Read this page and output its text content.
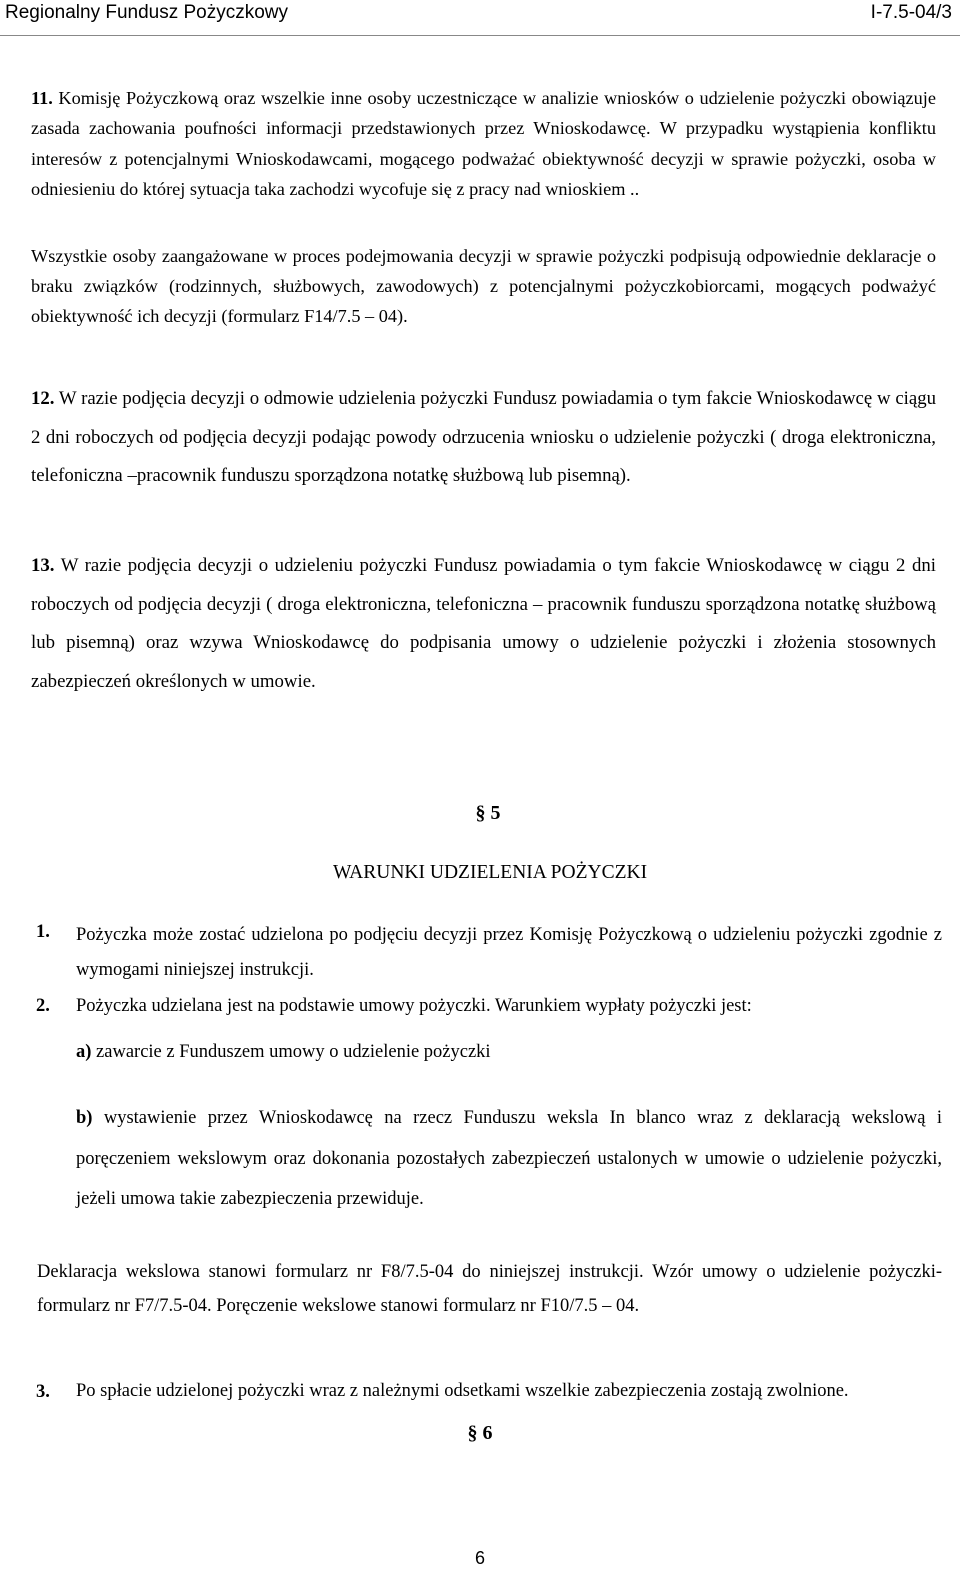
Regionalny Fundusz Pożyczkowy	I-7.5-04/3

11. Komisję Pożyczkową oraz wszelkie inne osoby uczestniczące w analizie wniosków o udzielenie pożyczki obowiązuje zasada zachowania poufności informacji przedstawionych przez Wnioskodawcę. W przypadku wystąpienia konfliktu interesów z potencjalnymi Wnioskodawcami, mogącego podważać obiektywność decyzji w sprawie pożyczki, osoba w odniesieniu do której sytuacja taka zachodzi wycofuje się z pracy nad wnioskiem ..

Wszystkie osoby zaangażowane w proces podejmowania decyzji w sprawie pożyczki podpisują odpowiednie deklaracje o braku związków (rodzinnych, służbowych, zawodowych) z potencjalnymi pożyczkobiorcami, mogących podważyć obiektywność ich decyzji (formularz F14/7.5 – 04).

12. W razie podjęcia decyzji o odmowie udzielenia pożyczki Fundusz powiadamia o tym fakcie Wnioskodawcę w ciągu 2 dni roboczych od podjęcia decyzji podając powody odrzucenia wniosku o udzielenie pożyczki ( droga elektroniczna, telefoniczna –pracownik funduszu sporządzona notatkę służbową lub pisemną).

13. W razie podjęcia decyzji o udzieleniu pożyczki Fundusz powiadamia o tym fakcie Wnioskodawcę w ciągu 2 dni roboczych od podjęcia decyzji ( droga elektroniczna, telefoniczna – pracownik funduszu sporządzona notatkę służbową lub pisemną) oraz wzywa Wnioskodawcę do podpisania umowy o udzielenie pożyczki i złożenia stosownych zabezpieczeń określonych w umowie.

§ 5
WARUNKI UDZIELENIA POŻYCZKI
1. Pożyczka może zostać udzielona po podjęciu decyzji przez Komisję Pożyczkową o udzieleniu pożyczki zgodnie z wymogami niniejszej instrukcji.
2. Pożyczka udzielana jest na podstawie umowy pożyczki. Warunkiem wypłaty pożyczki jest:
a) zawarcie z Funduszem umowy o udzielenie pożyczki
b) wystawienie przez Wnioskodawcę na rzecz Funduszu weksla In blanco wraz z deklaracją wekslową i poręczeniem wekslowym oraz dokonania pozostałych zabezpieczeń ustalonych w umowie o udzielenie pożyczki, jeżeli umowa takie zabezpieczenia przewiduje.

Deklaracja wekslowa stanowi formularz nr F8/7.5-04 do niniejszej instrukcji. Wzór umowy o udzielenie pożyczki- formularz nr F7/7.5-04. Poręczenie wekslowe stanowi formularz nr F10/7.5 – 04.

3. Po spłacie udzielonej pożyczki wraz z należnymi odsetkami wszelkie zabezpieczenia zostają zwolnione.
§ 6
6
